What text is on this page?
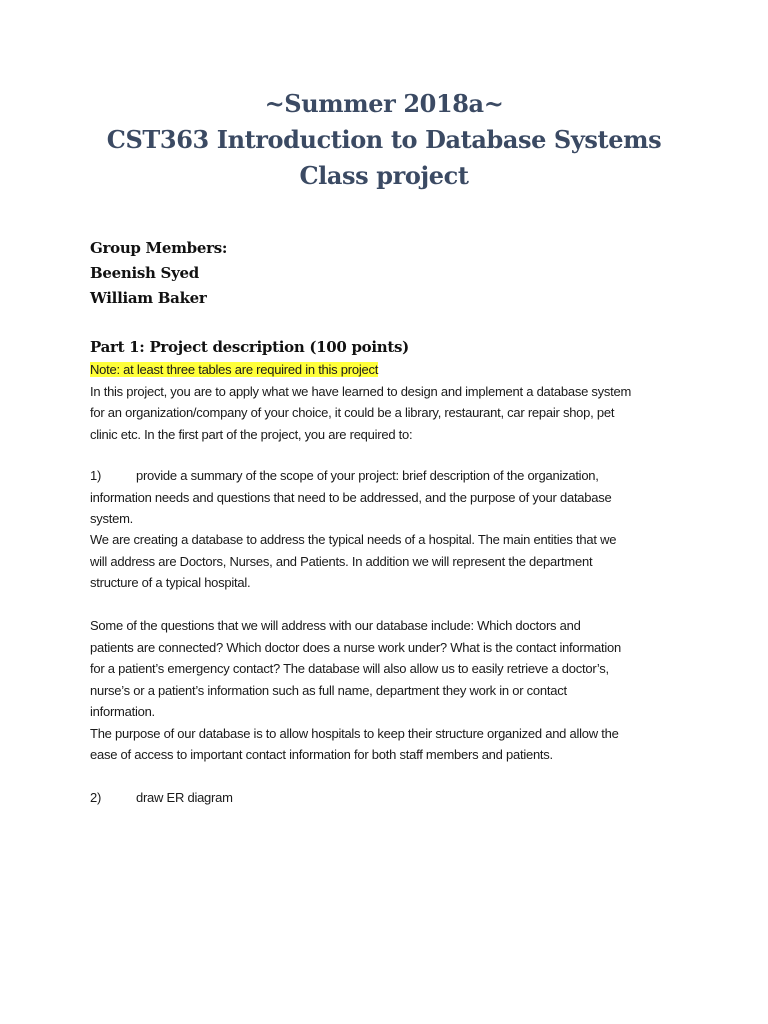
~Summer 2018a~

CST363 Introduction to Database Systems

Class project

Group Members:
Beenish Syed
William Baker
Part 1: Project description (100 points)
Note: at least three tables are required in this project
In this project, you are to apply what we have learned to design and implement a database system
for an organization/company of your choice, it could be a library, restaurant, car repair shop, pet
clinic etc. In the first part of the project, you are required to:
1)	provide a summary of the scope of your project: brief description of the organization,
information needs and questions that need to be addressed, and the purpose of your database
system.
We are creating a database to address the typical needs of a hospital. The main entities that we
will address are Doctors, Nurses, and Patients. In addition we will represent the department
structure of a typical hospital.
Some of the questions that we will address with our database include: Which doctors and
patients are connected? Which doctor does a nurse work under? What is the contact information
for a patient’s emergency contact? The database will also allow us to easily retrieve a doctor’s,
nurse’s or a patient’s information such as full name, department they work in or contact
information.
The purpose of our database is to allow hospitals to keep their structure organized and allow the
ease of access to important contact information for both staff members and patients.
2)	draw ER diagram
